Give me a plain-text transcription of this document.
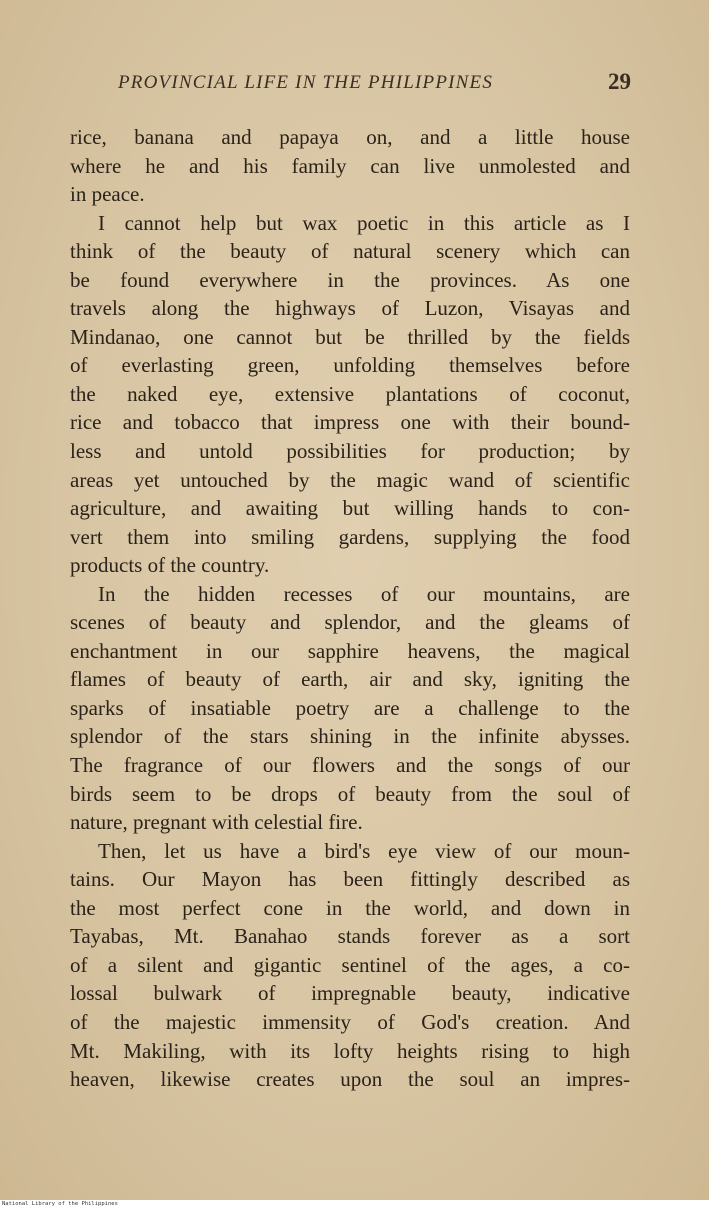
PROVINCIAL LIFE IN THE PHILIPPINES	29
rice, banana and papaya on, and a little house
where he and his family can live unmolested and
in peace.
I cannot help but wax poetic in this article as I
think of the beauty of natural scenery which can
be found everywhere in the provinces. As one
travels along the highways of Luzon, Visayas and
Mindanao, one cannot but be thrilled by the fields
of everlasting green, unfolding themselves before
the naked eye, extensive plantations of coconut,
rice and tobacco that impress one with their bound-
less and untold possibilities for production; by
areas yet untouched by the magic wand of scientific
agriculture, and awaiting but willing hands to con-
vert them into smiling gardens, supplying the food
products of the country.
In the hidden recesses of our mountains, are
scenes of beauty and splendor, and the gleams of
enchantment in our sapphire heavens, the magical
flames of beauty of earth, air and sky, igniting the
sparks of insatiable poetry are a challenge to the
splendor of the stars shining in the infinite abysses.
The fragrance of our flowers and the songs of our
birds seem to be drops of beauty from the soul of
nature, pregnant with celestial fire.
Then, let us have a bird's eye view of our moun-
tains. Our Mayon has been fittingly described as
the most perfect cone in the world, and down in
Tayabas, Mt. Banahao stands forever as a sort
of a silent and gigantic sentinel of the ages, a co-
lossal bulwark of impregnable beauty, indicative
of the majestic immensity of God's creation. And
Mt. Makiling, with its lofty heights rising to high
heaven, likewise creates upon the soul an impres-
National Library of the Philippines
